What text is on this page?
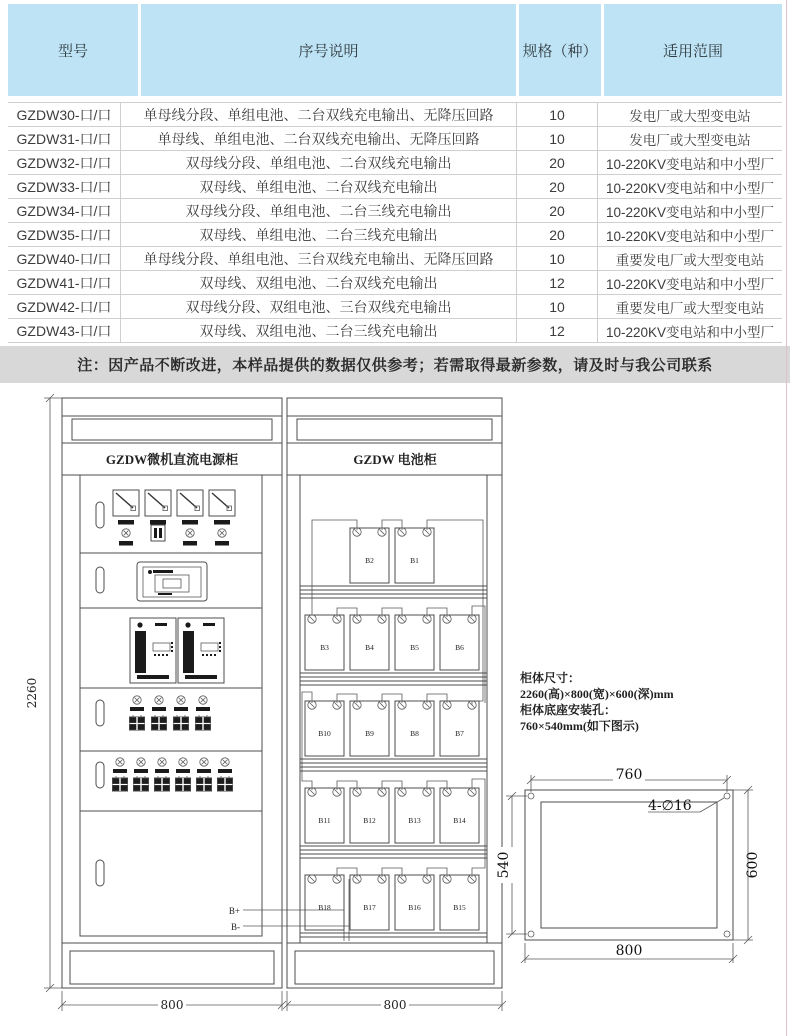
型号	序号说明	规格（种）	适用范围
GZDW30-口/口	单母线分段、单组电池、二台双线充电输出、无降压回路	10	发电厂或大型变电站
GZDW31-口/口	单母线、单组电池、二台双线充电输出、无降压回路	10	发电厂或大型变电站
GZDW32-口/口	双母线分段、单组电池、二台双线充电输出	20	10-220KV变电站和中小型厂
GZDW33-口/口	双母线、单组电池、二台双线充电输出	20	10-220KV变电站和中小型厂
GZDW34-口/口	双母线分段、单组电池、二台三线充电输出	20	10-220KV变电站和中小型厂
GZDW35-口/口	双母线、单组电池、二台三线充电输出	20	10-220KV变电站和中小型厂
GZDW40-口/口	单母线分段、单组电池、三台双线充电输出、无降压回路	10	重要发电厂或大型变电站
GZDW41-口/口	双母线、双组电池、二台双线充电输出	12	10-220KV变电站和中小型厂
GZDW42-口/口	双母线分段、双组电池、三台双线充电输出	10	重要发电厂或大型变电站
GZDW43-口/口	双母线、双组电池、二台三线充电输出	12	10-220KV变电站和中小型厂
注：因产品不断改进，本样品提供的数据仅供参考；若需取得最新参数，请及时与我公司联系
GZDW微机直流电源柜
B+
B-
GZDW 电池柜
B2	B1
B3	B4	B5	B6
B10	B9	B8	B7
B11	B12	B13	B14
B18	B17	B16	B15
2260
800	800
柜体尺寸：
2260(高)×800(宽)×600(深)mm
柜体底座安装孔：
760×540mm(如下图示)
760
540	600
800
4-∅16
